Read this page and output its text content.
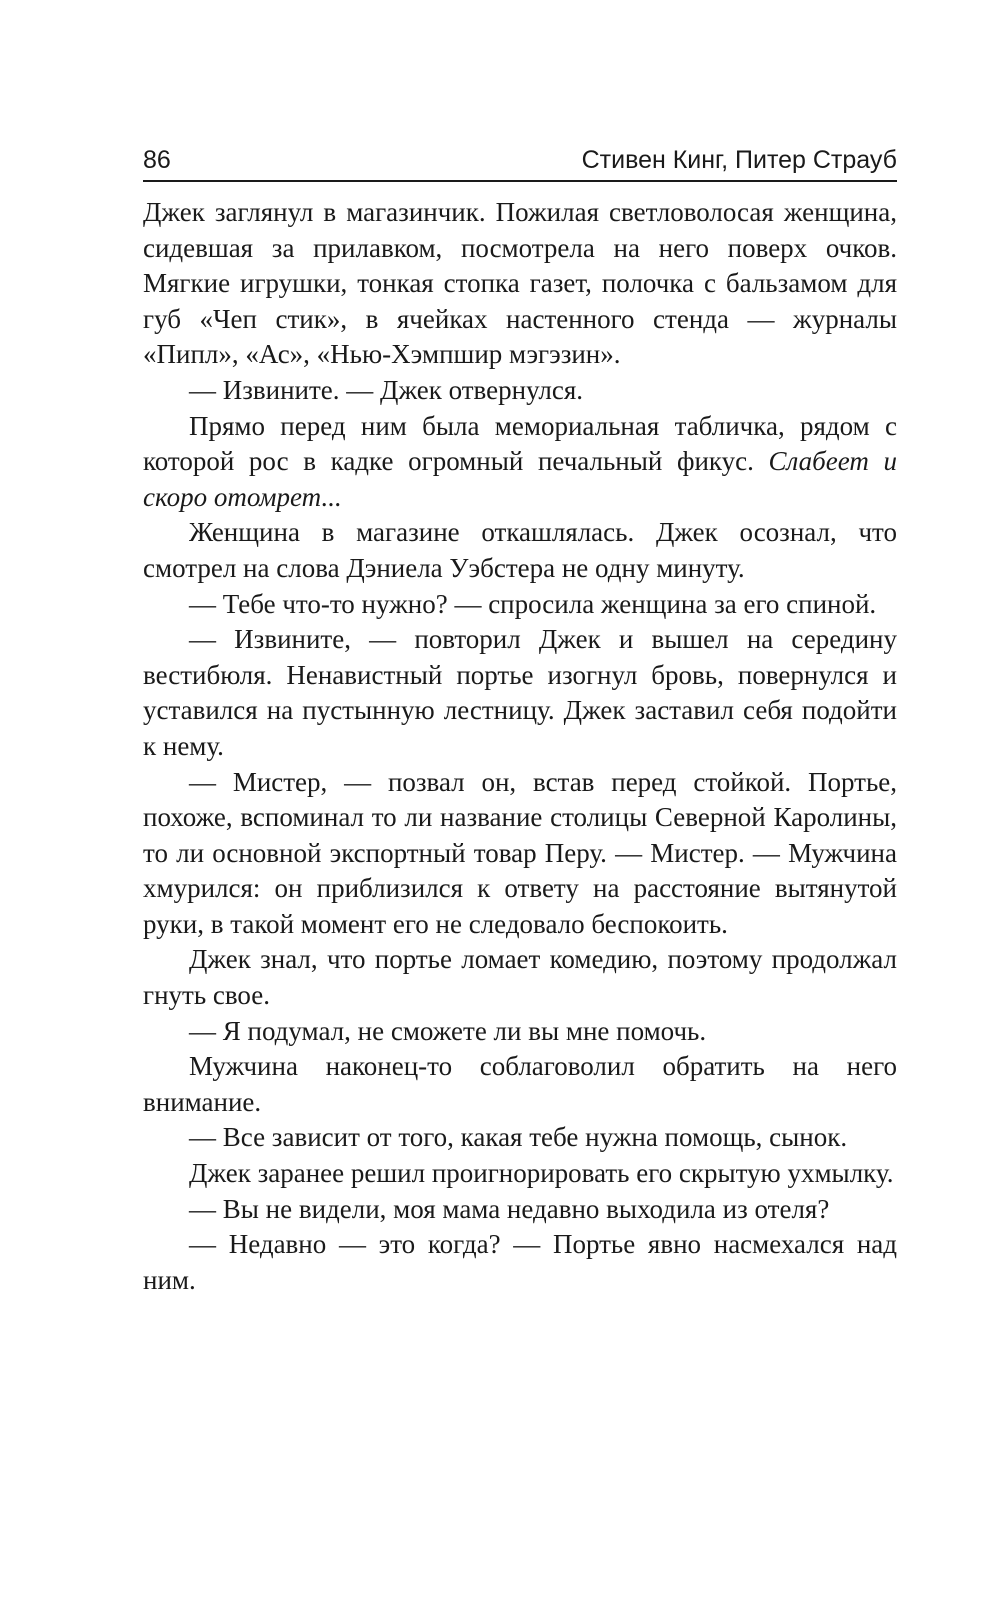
86	Стивен Кинг, Питер Страуб

Джек заглянул в магазинчик. Пожилая светловолосая женщина, сидевшая за прилавком, посмотрела на него поверх очков. Мягкие игрушки, тонкая стопка газет, полочка с бальзамом для губ «Чеп стик», в ячейках настенного стенда — журналы «Пипл», «Ас», «Нью-Хэмпшир мэгэзин».

— Извините. — Джек отвернулся.

Прямо перед ним была мемориальная табличка, рядом с которой рос в кадке огромный печальный фикус. Слабеет и скоро отомрет...

Женщина в магазине откашлялась. Джек осознал, что смотрел на слова Дэниела Уэбстера не одну минуту.

— Тебе что-то нужно? — спросила женщина за его спиной.

— Извините, — повторил Джек и вышел на середину вестибюля. Ненавистный портье изогнул бровь, повернулся и уставился на пустынную лестницу. Джек заставил себя подойти к нему.

— Мистер, — позвал он, встав перед стойкой. Портье, похоже, вспоминал то ли название столицы Северной Каролины, то ли основной экспортный товар Перу. — Мистер. — Мужчина хмурился: он приблизился к ответу на расстояние вытянутой руки, в такой момент его не следовало беспокоить.

Джек знал, что портье ломает комедию, поэтому продолжал гнуть свое.

— Я подумал, не сможете ли вы мне помочь.

Мужчина наконец-то соблаговолил обратить на него внимание.

— Все зависит от того, какая тебе нужна помощь, сынок.

Джек заранее решил проигнорировать его скрытую ухмылку.

— Вы не видели, моя мама недавно выходила из отеля?

— Недавно — это когда? — Портье явно насмехался над ним.
